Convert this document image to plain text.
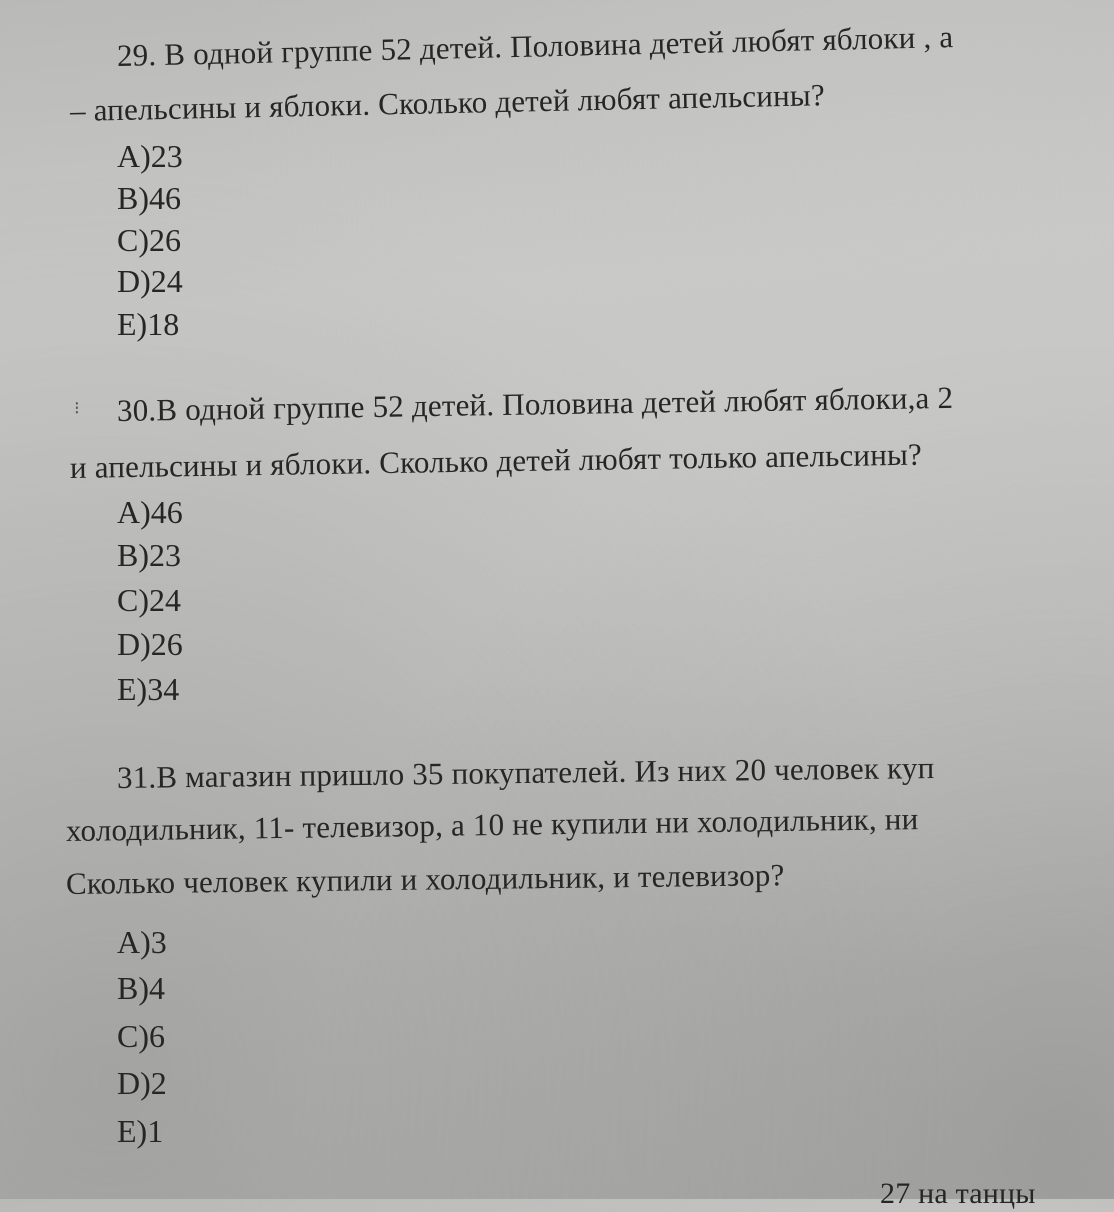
29. В одной группе 52 детей. Половина детей любят яблоки , а
– апельсины и яблоки. Сколько детей любят апельсины?
A)23
B)46
C)26
D)24
E)18
⁝ 30.В одной группе 52 детей. Половина детей любят яблоки,а 2
и апельсины и яблоки. Сколько детей любят только апельсины?
A)46
B)23
C)24
D)26
E)34
31.В магазин пришло 35 покупателей. Из них 20 человек куп
холодильник, 11- телевизор, а 10 не купили ни холодильник, ни
Сколько человек купили и холодильник, и телевизор?
A)3
B)4
C)6
D)2
E)1
27 на танцы
